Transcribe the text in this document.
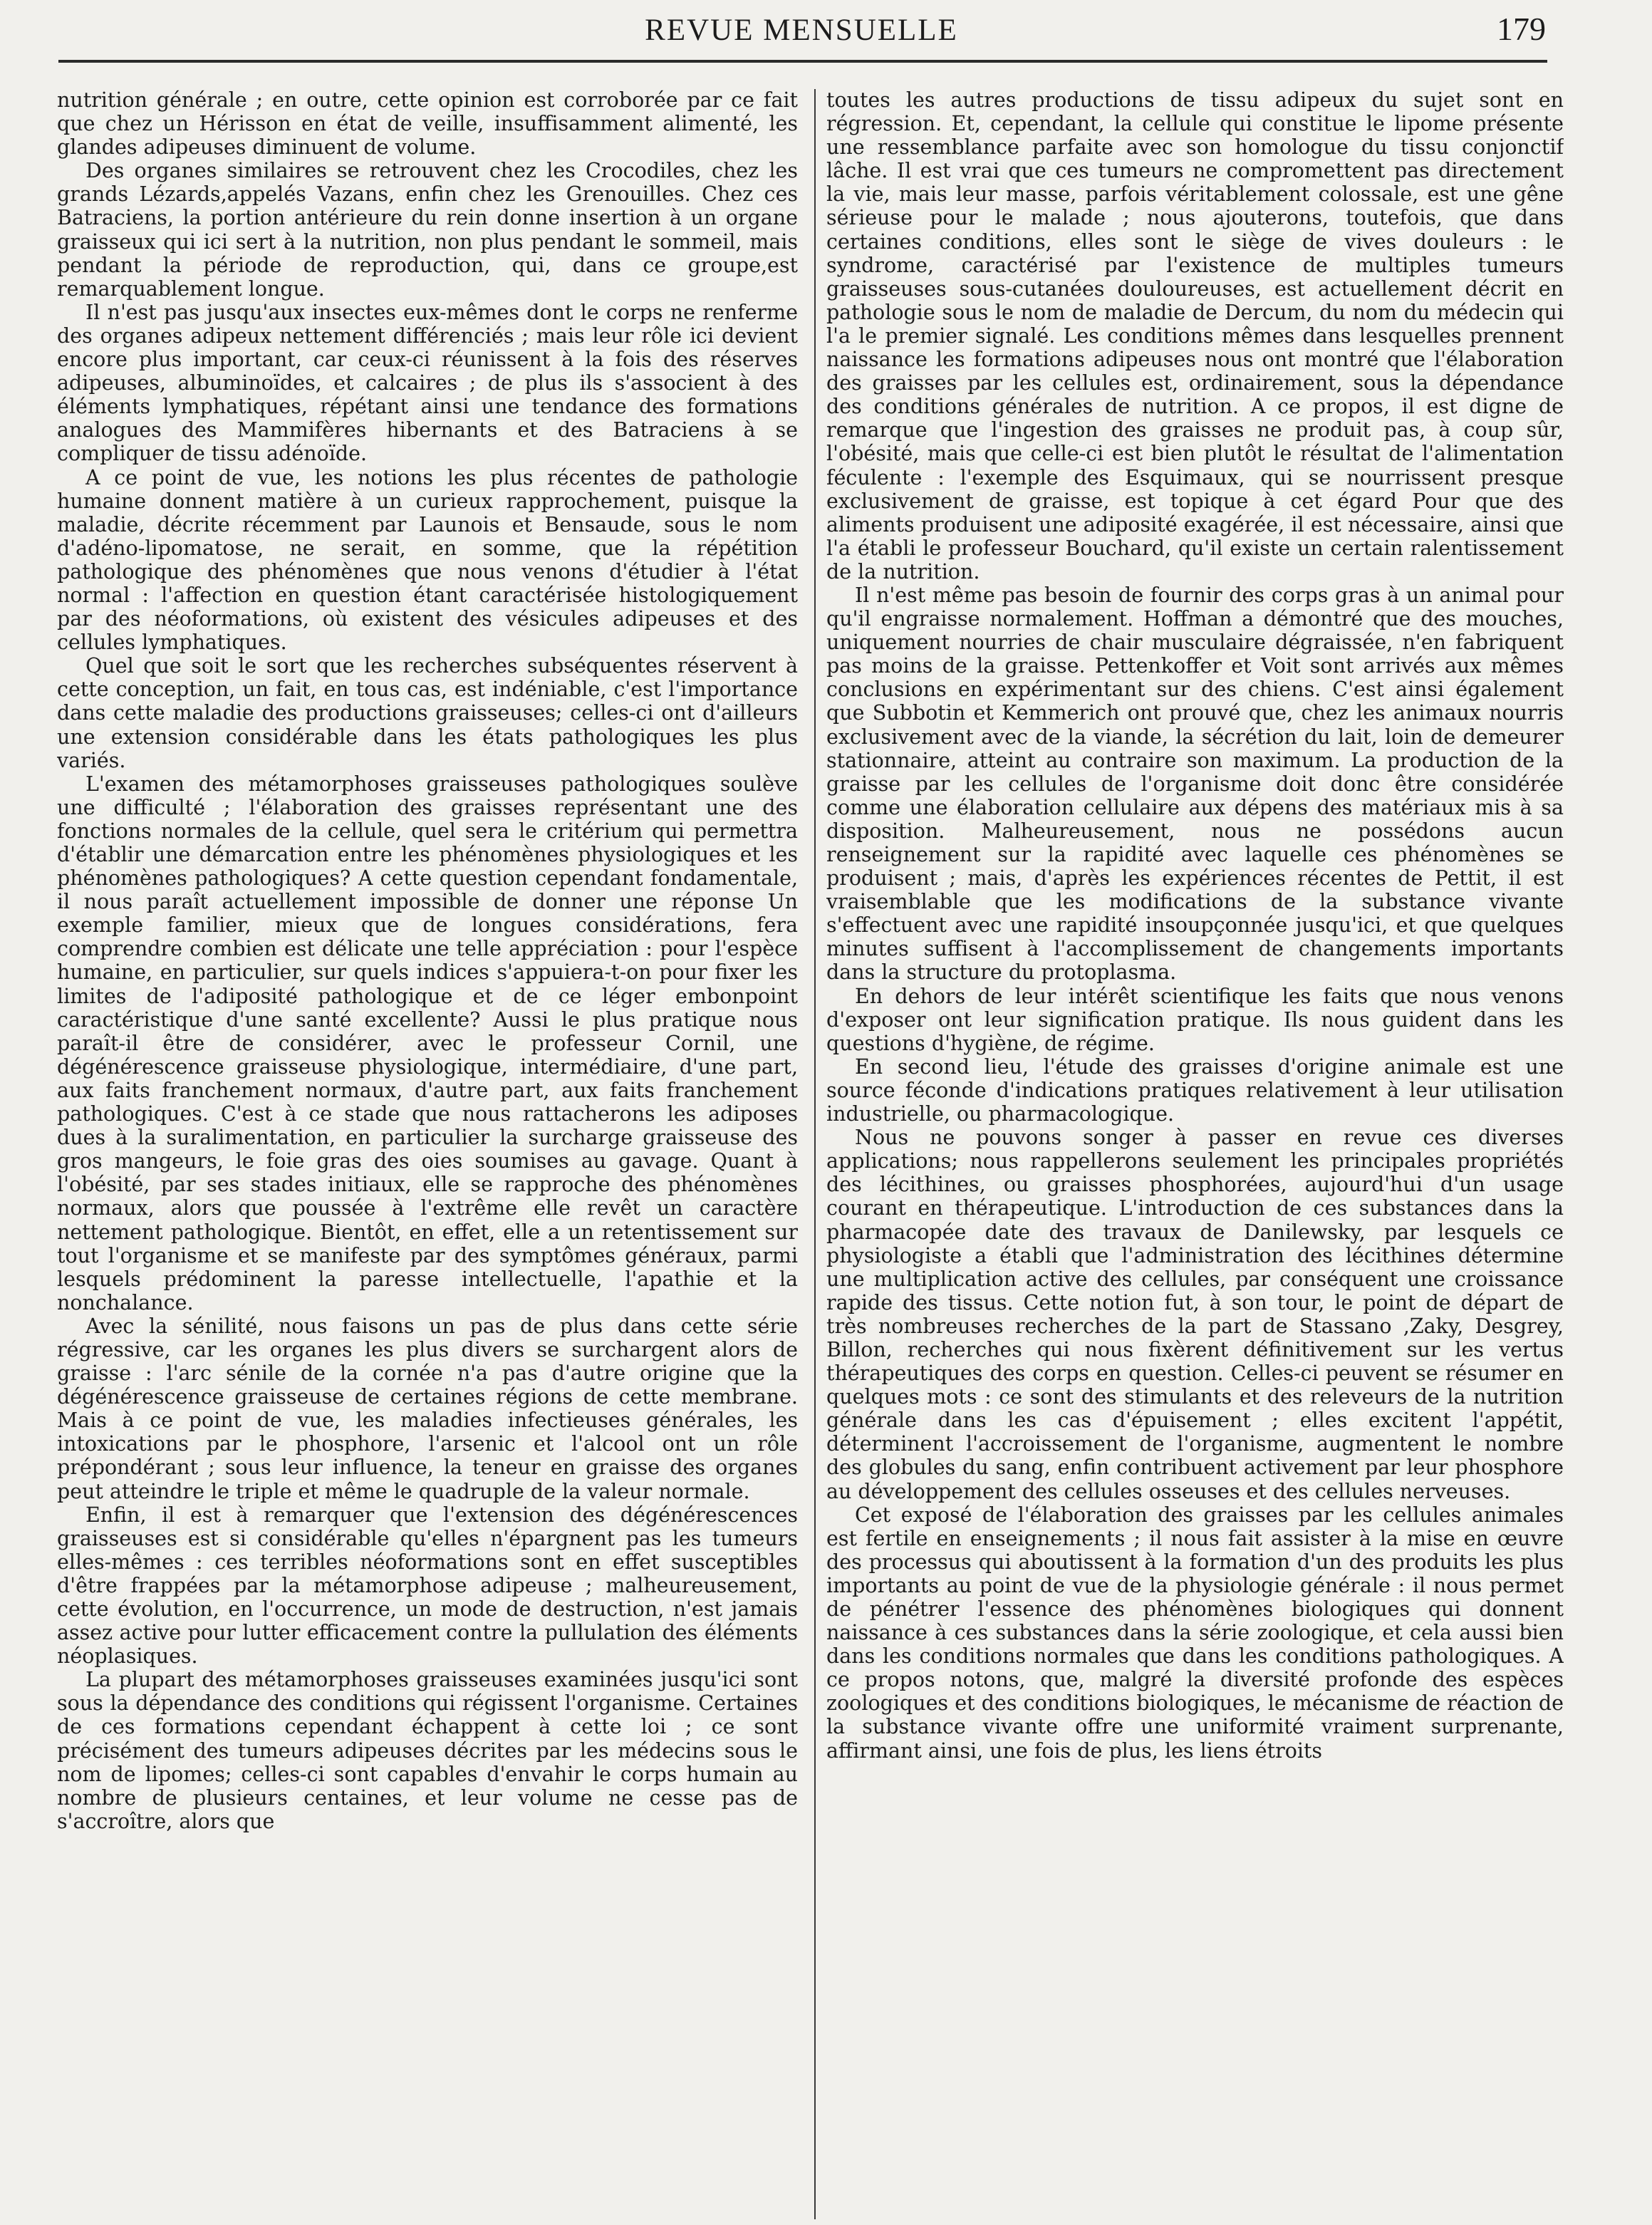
REVUE MENSUELLE	179

nutrition générale ; en outre, cette opinion est corroborée par ce fait que chez un Hérisson en état de veille, insuffisamment alimenté, les glandes adipeuses diminuent de volume.

Des organes similaires se retrouvent chez les Crocodiles, chez les grands Lézards,appelés Vazans, enfin chez les Grenouilles. Chez ces Batraciens, la portion antérieure du rein donne insertion à un organe graisseux qui ici sert à la nutrition, non plus pendant le sommeil, mais pendant la période de reproduction, qui, dans ce groupe,est remarquablement longue.

Il n'est pas jusqu'aux insectes eux-mêmes dont le corps ne renferme des organes adipeux nettement différenciés ; mais leur rôle ici devient encore plus important, car ceux-ci réunissent à la fois des réserves adipeuses, albuminoïdes, et calcaires ; de plus ils s'associent à des éléments lymphatiques, répétant ainsi une tendance des formations analogues des Mammifères hibernants et des Batraciens à se compliquer de tissu adénoïde.

A ce point de vue, les notions les plus récentes de pathologie humaine donnent matière à un curieux rapprochement, puisque la maladie, décrite récemment par Launois et Bensaude, sous le nom d'adéno-lipomatose, ne serait, en somme, que la répétition pathologique des phénomènes que nous venons d'étudier à l'état normal : l'affection en question étant caractérisée histologiquement par des néoformations, où existent des vésicules adipeuses et des cellules lymphatiques.

Quel que soit le sort que les recherches subséquentes réservent à cette conception, un fait, en tous cas, est indéniable, c'est l'importance dans cette maladie des productions graisseuses; celles-ci ont d'ailleurs une extension considérable dans les états pathologiques les plus variés.

L'examen des métamorphoses graisseuses pathologiques soulève une difficulté ; l'élaboration des graisses représentant une des fonctions normales de la cellule, quel sera le critérium qui permettra d'établir une démarcation entre les phénomènes physiologiques et les phénomènes pathologiques? A cette question cependant fondamentale, il nous paraît actuellement impossible de donner une réponse Un exemple familier, mieux que de longues considérations, fera comprendre combien est délicate une telle appréciation : pour l'espèce humaine, en particulier, sur quels indices s'appuiera-t-on pour fixer les limites de l'adiposité pathologique et de ce léger embonpoint caractéristique d'une santé excellente? Aussi le plus pratique nous paraît-il être de considérer, avec le professeur Cornil, une dégénérescence graisseuse physiologique, intermédiaire, d'une part, aux faits franchement normaux, d'autre part, aux faits franchement pathologiques. C'est à ce stade que nous rattacherons les adiposes dues à la suralimentation, en particulier la surcharge graisseuse des gros mangeurs, le foie gras des oies soumises au gavage. Quant à l'obésité, par ses stades initiaux, elle se rapproche des phénomènes normaux, alors que poussée à l'extrême elle revêt un caractère nettement pathologique. Bientôt, en effet, elle a un retentissement sur tout l'organisme et se manifeste par des symptômes généraux, parmi lesquels prédominent la paresse intellectuelle, l'apathie et la nonchalance.

Avec la sénilité, nous faisons un pas de plus dans cette série régressive, car les organes les plus divers se surchargent alors de graisse : l'arc sénile de la cornée n'a pas d'autre origine que la dégénérescence graisseuse de certaines régions de cette membrane. Mais à ce point de vue, les maladies infectieuses générales, les intoxications par le phosphore, l'arsenic et l'alcool ont un rôle prépondérant ; sous leur influence, la teneur en graisse des organes peut atteindre le triple et même le quadruple de la valeur normale.

Enfin, il est à remarquer que l'extension des dégénérescences graisseuses est si considérable qu'elles n'épargnent pas les tumeurs elles-mêmes : ces terribles néoformations sont en effet susceptibles d'être frappées par la métamorphose adipeuse ; malheureusement, cette évolution, en l'occurrence, un mode de destruction, n'est jamais assez active pour lutter efficacement contre la pullulation des éléments néoplasiques.

La plupart des métamorphoses graisseuses examinées jusqu'ici sont sous la dépendance des conditions qui régissent l'organisme. Certaines de ces formations cependant échappent à cette loi ; ce sont précisément des tumeurs adipeuses décrites par les médecins sous le nom de lipomes; celles-ci sont capables d'envahir le corps humain au nombre de plusieurs centaines, et leur volume ne cesse pas de s'accroître, alors que

toutes les autres productions de tissu adipeux du sujet sont en régression. Et, cependant, la cellule qui constitue le lipome présente une ressemblance parfaite avec son homologue du tissu conjonctif lâche. Il est vrai que ces tumeurs ne compromettent pas directement la vie, mais leur masse, parfois véritablement colossale, est une gêne sérieuse pour le malade ; nous ajouterons, toutefois, que dans certaines conditions, elles sont le siège de vives douleurs : le syndrome, caractérisé par l'existence de multiples tumeurs graisseuses sous-cutanées douloureuses, est actuellement décrit en pathologie sous le nom de maladie de Dercum, du nom du médecin qui l'a le premier signalé. Les conditions mêmes dans lesquelles prennent naissance les formations adipeuses nous ont montré que l'élaboration des graisses par les cellules est, ordinairement, sous la dépendance des conditions générales de nutrition. A ce propos, il est digne de remarque que l'ingestion des graisses ne produit pas, à coup sûr, l'obésité, mais que celle-ci est bien plutôt le résultat de l'alimentation féculente : l'exemple des Esquimaux, qui se nourrissent presque exclusivement de graisse, est topique à cet égard Pour que des aliments produisent une adiposité exagérée, il est nécessaire, ainsi que l'a établi le professeur Bouchard, qu'il existe un certain ralentissement de la nutrition.

Il n'est même pas besoin de fournir des corps gras à un animal pour qu'il engraisse normalement. Hoffman a démontré que des mouches, uniquement nourries de chair musculaire dégraissée, n'en fabriquent pas moins de la graisse. Pettenkoffer et Voit sont arrivés aux mêmes conclusions en expérimentant sur des chiens. C'est ainsi également que Subbotin et Kemmerich ont prouvé que, chez les animaux nourris exclusivement avec de la viande, la sécrétion du lait, loin de demeurer stationnaire, atteint au contraire son maximum. La production de la graisse par les cellules de l'organisme doit donc être considérée comme une élaboration cellulaire aux dépens des matériaux mis à sa disposition. Malheureusement, nous ne possédons aucun renseignement sur la rapidité avec laquelle ces phénomènes se produisent ; mais, d'après les expériences récentes de Pettit, il est vraisemblable que les modifications de la substance vivante s'effectuent avec une rapidité insoupçonnée jusqu'ici, et que quelques minutes suffisent à l'accomplissement de changements importants dans la structure du protoplasma.

En dehors de leur intérêt scientifique les faits que nous venons d'exposer ont leur signification pratique. Ils nous guident dans les questions d'hygiène, de régime.

En second lieu, l'étude des graisses d'origine animale est une source féconde d'indications pratiques relativement à leur utilisation industrielle, ou pharmacologique.

Nous ne pouvons songer à passer en revue ces diverses applications; nous rappellerons seulement les principales propriétés des lécithines, ou graisses phosphorées, aujourd'hui d'un usage courant en thérapeutique. L'introduction de ces substances dans la pharmacopée date des travaux de Danilewsky, par lesquels ce physiologiste a établi que l'administration des lécithines détermine une multiplication active des cellules, par conséquent une croissance rapide des tissus. Cette notion fut, à son tour, le point de départ de très nombreuses recherches de la part de Stassano ,Zaky, Desgrey, Billon, recherches qui nous fixèrent définitivement sur les vertus thérapeutiques des corps en question. Celles-ci peuvent se résumer en quelques mots : ce sont des stimulants et des releveurs de la nutrition générale dans les cas d'épuisement ; elles excitent l'appétit, déterminent l'accroissement de l'organisme, augmentent le nombre des globules du sang, enfin contribuent activement par leur phosphore au développement des cellules osseuses et des cellules nerveuses.

Cet exposé de l'élaboration des graisses par les cellules animales est fertile en enseignements ; il nous fait assister à la mise en œuvre des processus qui aboutissent à la formation d'un des produits les plus importants au point de vue de la physiologie générale : il nous permet de pénétrer l'essence des phénomènes biologiques qui donnent naissance à ces substances dans la série zoologique, et cela aussi bien dans les conditions normales que dans les conditions pathologiques. A ce propos notons, que, malgré la diversité profonde des espèces zoologiques et des conditions biologiques, le mécanisme de réaction de la substance vivante offre une uniformité vraiment surprenante, affirmant ainsi, une fois de plus, les liens étroits
